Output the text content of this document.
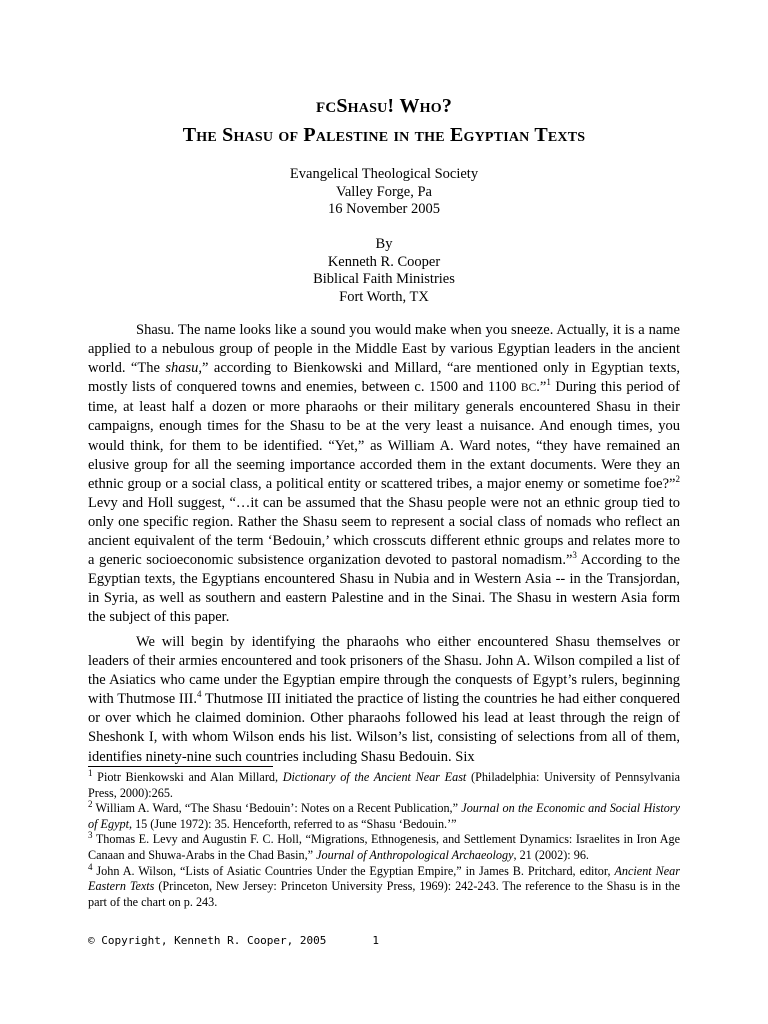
FCShasu! Who?
The Shasu of Palestine in the Egyptian Texts
Evangelical Theological Society
Valley Forge, Pa
16 November 2005
By
Kenneth R. Cooper
Biblical Faith Ministries
Fort Worth, TX
Shasu. The name looks like a sound you would make when you sneeze. Actually, it is a name applied to a nebulous group of people in the Middle East by various Egyptian leaders in the ancient world. “The shasu,” according to Bienkowski and Millard, “are mentioned only in Egyptian texts, mostly lists of conquered towns and enemies, between c. 1500 and 1100 BC.”$^1$ During this period of time, at least half a dozen or more pharaohs or their military generals encountered Shasu in their campaigns, enough times for the Shasu to be at the very least a nuisance. And enough times, you would think, for them to be identified. “Yet,” as William A. Ward notes, “they have remained an elusive group for all the seeming importance accorded them in the extant documents. Were they an ethnic group or a social class, a political entity or scattered tribes, a major enemy or sometime foe?”$^2$ Levy and Holl suggest, “…it can be assumed that the Shasu people were not an ethnic group tied to only one specific region. Rather the Shasu seem to represent a social class of nomads who reflect an ancient equivalent of the term ‘Bedouin,’ which crosscuts different ethnic groups and relates more to a generic socioeconomic subsistence organization devoted to pastoral nomadism.”$^3$ According to the Egyptian texts, the Egyptians encountered Shasu in Nubia and in Western Asia -- in the Transjordan, in Syria, as well as southern and eastern Palestine and in the Sinai. The Shasu in western Asia form the subject of this paper.
We will begin by identifying the pharaohs who either encountered Shasu themselves or leaders of their armies encountered and took prisoners of the Shasu. John A. Wilson compiled a list of the Asiatics who came under the Egyptian empire through the conquests of Egypt’s rulers, beginning with Thutmose III.$^4$ Thutmose III initiated the practice of listing the countries he had either conquered or over which he claimed dominion. Other pharaohs followed his lead at least through the reign of Sheshonk I, with whom Wilson ends his list. Wilson’s list, consisting of selections from all of them, identifies ninety-nine such countries including Shasu Bedouin. Six

$^1$ Piotr Bienkowski and Alan Millard, Dictionary of the Ancient Near East (Philadelphia: University of Pennsylvania Press, 2000):265.

$^2$ William A. Ward, “The Shasu ‘Bedouin’: Notes on a Recent Publication,” Journal on the Economic and Social History of Egypt, 15 (June 1972): 35. Henceforth, referred to as “Shasu ‘Bedouin.’”

$^3$ Thomas E. Levy and Augustin F. C. Holl, “Migrations, Ethnogenesis, and Settlement Dynamics: Israelites in Iron Age Canaan and Shuwa-Arabs in the Chad Basin,” Journal of Anthropological Archaeology, 21 (2002): 96.

$^4$ John A. Wilson, “Lists of Asiatic Countries Under the Egyptian Empire,” in James B. Pritchard, editor, Ancient Near Eastern Texts (Princeton, New Jersey: Princeton University Press, 1969): 242-243. The reference to the Shasu is in the part of the chart on p. 243.

© Copyright, Kenneth R. Cooper, 2005	1
